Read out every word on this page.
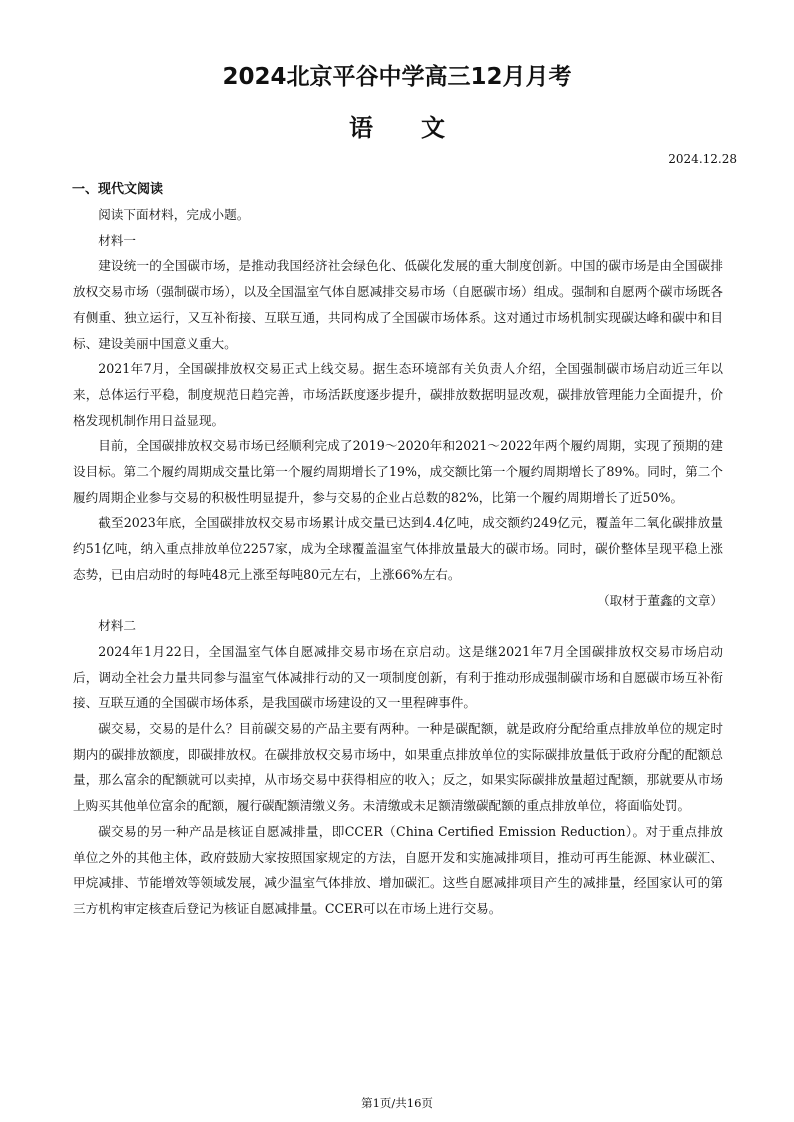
2024北京平谷中学高三12月月考
语　　文
2024.12.28
一、现代文阅读

阅读下面材料，完成小题。

材料一

建设统一的全国碳市场，是推动我国经济社会绿色化、低碳化发展的重大制度创新。中国的碳市场是由全国碳排放权交易市场（强制碳市场），以及全国温室气体自愿减排交易市场（自愿碳市场）组成。强制和自愿两个碳市场既各有侧重、独立运行，又互补衔接、互联互通，共同构成了全国碳市场体系。这对通过市场机制实现碳达峰和碳中和目标、建设美丽中国意义重大。

2021年7月，全国碳排放权交易正式上线交易。据生态环境部有关负责人介绍，全国强制碳市场启动近三年以来，总体运行平稳，制度规范日趋完善，市场活跃度逐步提升，碳排放数据明显改观，碳排放管理能力全面提升，价格发现机制作用日益显现。

目前，全国碳排放权交易市场已经顺利完成了2019～2020年和2021～2022年两个履约周期，实现了预期的建设目标。第二个履约周期成交量比第一个履约周期增长了19%，成交额比第一个履约周期增长了89%。同时，第二个履约周期企业参与交易的积极性明显提升，参与交易的企业占总数的82%，比第一个履约周期增长了近50%。

截至2023年底，全国碳排放权交易市场累计成交量已达到4.4亿吨，成交额约249亿元，覆盖年二氧化碳排放量约51亿吨，纳入重点排放单位2257家，成为全球覆盖温室气体排放量最大的碳市场。同时，碳价整体呈现平稳上涨态势，已由启动时的每吨48元上涨至每吨80元左右，上涨66%左右。

（取材于董鑫的文章）

材料二

2024年1月22日，全国温室气体自愿减排交易市场在京启动。这是继2021年7月全国碳排放权交易市场启动后，调动全社会力量共同参与温室气体减排行动的又一项制度创新，有利于推动形成强制碳市场和自愿碳市场互补衔接、互联互通的全国碳市场体系，是我国碳市场建设的又一里程碑事件。

碳交易，交易的是什么？目前碳交易的产品主要有两种。一种是碳配额，就是政府分配给重点排放单位的规定时期内的碳排放额度，即碳排放权。在碳排放权交易市场中，如果重点排放单位的实际碳排放量低于政府分配的配额总量，那么富余的配额就可以卖掉，从市场交易中获得相应的收入；反之，如果实际碳排放量超过配额，那就要从市场上购买其他单位富余的配额，履行碳配额清缴义务。未清缴或未足额清缴碳配额的重点排放单位，将面临处罚。

碳交易的另一种产品是核证自愿减排量，即CCER（China Certified Emission Reduction）。对于重点排放单位之外的其他主体，政府鼓励大家按照国家规定的方法，自愿开发和实施减排项目，推动可再生能源、林业碳汇、甲烷减排、节能增效等领域发展，减少温室气体排放、增加碳汇。这些自愿减排项目产生的减排量，经国家认可的第三方机构审定核查后登记为核证自愿减排量。CCER可以在市场上进行交易。

第1页/共16页
